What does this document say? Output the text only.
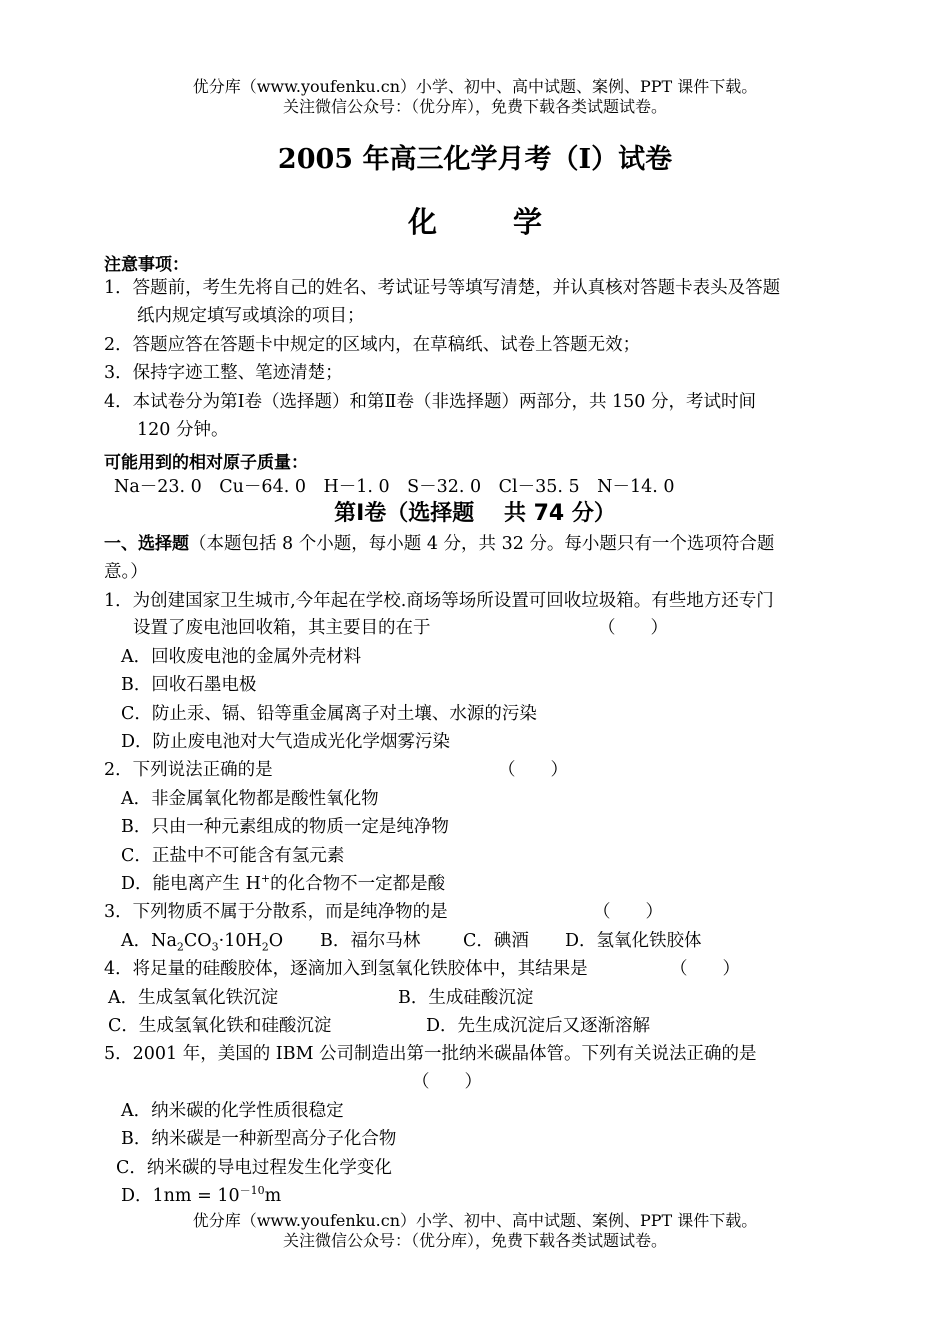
优分库（www.youfenku.cn）小学、初中、高中试题、案例、PPT 课件下载。
关注微信公众号：（优分库），免费下载各类试题试卷。
2005 年高三化学月考（Ⅰ）试卷
化	学
注意事项：
1．答题前，考生先将自己的姓名、考试证号等填写清楚，并认真核对答题卡表头及答题
纸内规定填写或填涂的项目；
2．答题应答在答题卡中规定的区域内，在草稿纸、试卷上答题无效；
3．保持字迹工整、笔迹清楚；
4．本试卷分为第Ⅰ卷（选择题）和第Ⅱ卷（非选择题）两部分，共 150 分，考试时间
120 分钟。
可能用到的相对原子质量：
Na－23. 0　Cu－64. 0　H－1. 0　S－32. 0　Cl－35. 5　N－14. 0
第Ⅰ卷（选择题　 共 74 分）
一、选择题（本题包括 8 个小题，每小题 4 分，共 32 分。每小题只有一个选项符合题
意。）
1．为创建国家卫生城市,今年起在学校.商场等场所设置可回收垃圾箱。有些地方还专门
设置了废电池回收箱，其主要目的在于	（　　）
A．回收废电池的金属外壳材料
B．回收石墨电极
C．防止汞、镉、铅等重金属离子对土壤、水源的污染
D．防止废电池对大气造成光化学烟雾污染
2．下列说法正确的是	（　　）
A．非金属氧化物都是酸性氧化物
B．只由一种元素组成的物质一定是纯净物
C．正盐中不可能含有氢元素
D．能电离产生 H+的化合物不一定都是酸
3．下列物质不属于分散系，而是纯净物的是	（　　）
A．$Na_2CO_3\cdot 10H_2O$ B．福尔马林 C．碘酒 D．氢氧化铁胶体
4．将足量的硅酸胶体，逐滴加入到氢氧化铁胶体中，其结果是	（　　）
A．生成氢氧化铁沉淀	B．生成硅酸沉淀
C．生成氢氧化铁和硅酸沉淀	D．先生成沉淀后又逐渐溶解
5．2001 年，美国的 IBM 公司制造出第一批纳米碳晶体管。下列有关说法正确的是
（　　）
A．纳米碳的化学性质很稳定
B．纳米碳是一种新型高分子化合物
C．纳米碳的导电过程发生化学变化
D．$1nm = 10^{-10}m$
优分库（www.youfenku.cn）小学、初中、高中试题、案例、PPT 课件下载。
关注微信公众号：（优分库），免费下载各类试题试卷。
